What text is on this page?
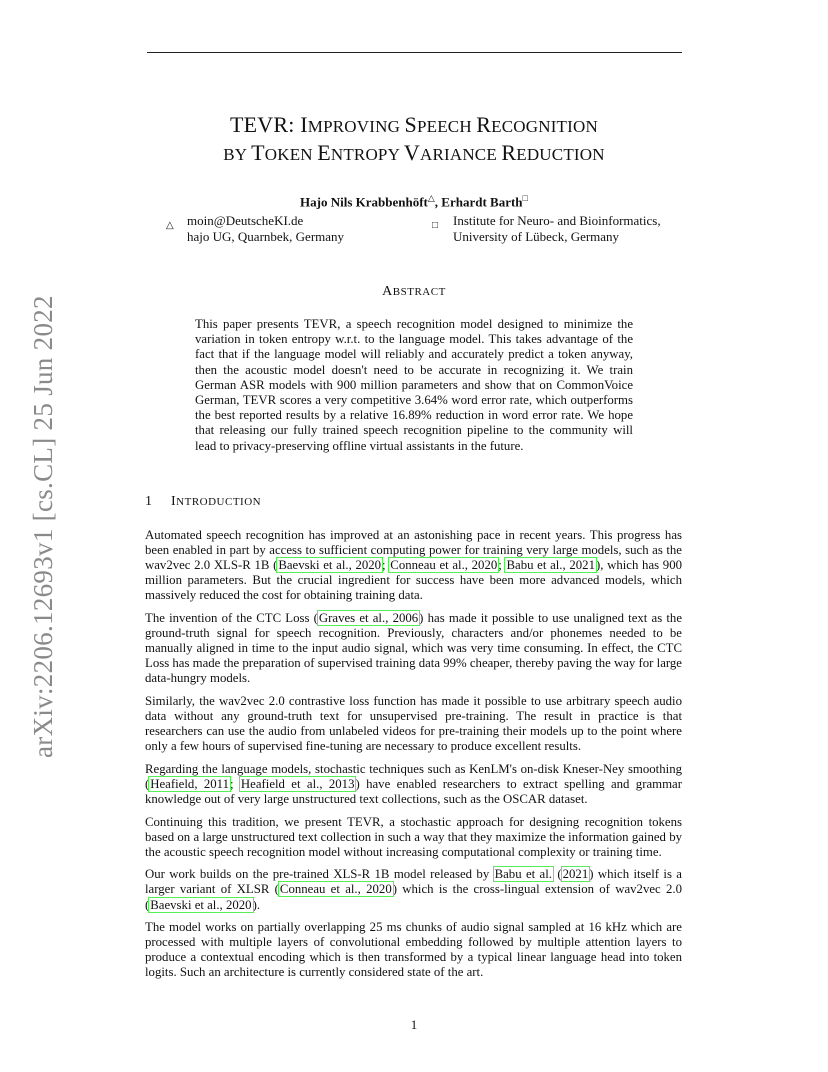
arXiv:2206.12693v1 [cs.CL] 25 Jun 2022
TEVR: IMPROVING SPEECH RECOGNITION
BY TOKEN ENTROPY VARIANCE REDUCTION
Hajo Nils Krabbenhöft△, Erhardt Barth□
△ moin@DeutscheKI.de
hajo UG, Quarnbek, Germany
□ Institute for Neuro- and Bioinformatics,
University of Lübeck, Germany
ABSTRACT
This paper presents TEVR, a speech recognition model designed to minimize the variation in token entropy w.r.t. to the language model. This takes advantage of the fact that if the language model will reliably and accurately predict a token anyway, then the acoustic model doesn't need to be accurate in recognizing it. We train German ASR models with 900 million parameters and show that on CommonVoice German, TEVR scores a very competitive 3.64% word error rate, which outperforms the best reported results by a relative 16.89% reduction in word error rate. We hope that releasing our fully trained speech recognition pipeline to the community will lead to privacy-preserving offline virtual assistants in the future.
1 INTRODUCTION

Automated speech recognition has improved at an astonishing pace in recent years. This progress has been enabled in part by access to sufficient computing power for training very large models, such as the wav2vec 2.0 XLS-R 1B (Baevski et al., 2020; Conneau et al., 2020; Babu et al., 2021), which has 900 million parameters. But the crucial ingredient for success have been more advanced models, which massively reduced the cost for obtaining training data.

The invention of the CTC Loss (Graves et al., 2006) has made it possible to use unaligned text as the ground-truth signal for speech recognition. Previously, characters and/or phonemes needed to be manually aligned in time to the input audio signal, which was very time consuming. In effect, the CTC Loss has made the preparation of supervised training data 99% cheaper, thereby paving the way for large data-hungry models.

Similarly, the wav2vec 2.0 contrastive loss function has made it possible to use arbitrary speech audio data without any ground-truth text for unsupervised pre-training. The result in practice is that researchers can use the audio from unlabeled videos for pre-training their models up to the point where only a few hours of supervised fine-tuning are necessary to produce excellent results.

Regarding the language models, stochastic techniques such as KenLM's on-disk Kneser-Ney smoothing (Heafield, 2011; Heafield et al., 2013) have enabled researchers to extract spelling and grammar knowledge out of very large unstructured text collections, such as the OSCAR dataset.

Continuing this tradition, we present TEVR, a stochastic approach for designing recognition tokens based on a large unstructured text collection in such a way that they maximize the information gained by the acoustic speech recognition model without increasing computational complexity or training time.

Our work builds on the pre-trained XLS-R 1B model released by Babu et al. (2021) which itself is a larger variant of XLSR (Conneau et al., 2020) which is the cross-lingual extension of wav2vec 2.0 (Baevski et al., 2020).

The model works on partially overlapping 25 ms chunks of audio signal sampled at 16 kHz which are processed with multiple layers of convolutional embedding followed by multiple attention layers to produce a contextual encoding which is then transformed by a typical linear language head into token logits. Such an architecture is currently considered state of the art.

1
